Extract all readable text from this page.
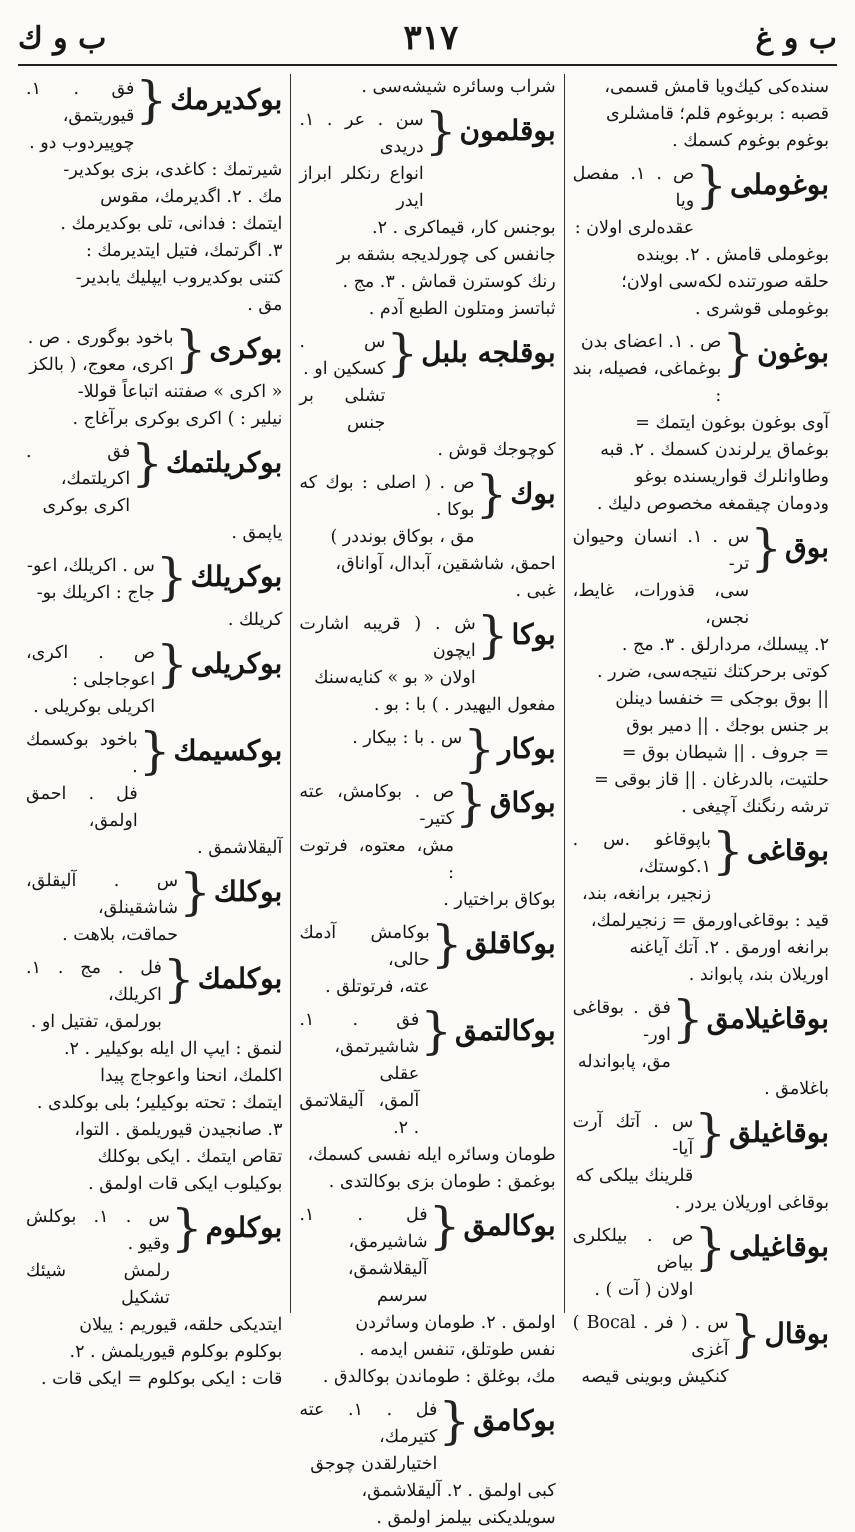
ب و غ
٣١٧
ب و ك
سنده‌كى كيك‌ويا قامش قسمى،
قصبه : بربوغوم قلم؛ قامشلرى
بوغوم بوغوم كسمك .
بوغوملى
{
ص . ١. مفصل ويا
عقده‌لرى اولان :
بوغوملى قامش . ٢. بوينده
حلقه صورتنده لكه‌سى اولان؛
بوغوملى قوشرى .
بوغون
{
ص . ١. اعضاى بدن
بوغماغى، فصيله، بند :
آوى بوغون بوغون ايتمك =
بوغماق يرلرندن كسمك . ٢. قبه
وطاوانلرك قواريسنده بوغو
ودومان چيقمغه مخصوص دليك .
بوق
{
س . ١. انسان وحيوان تر-
سى، قذورات، غايط، نجس،
٢. پيسلك، مردارلق . ٣. مج .
كوتى برحركتك نتيجه‌سى، ضرر .
|| بوق بوجكى = خنفسا دينلن
بر جنس بوجك . || دمير بوق
= جروف . || شيطان بوق =
حلتيت، بالدرغان . || قاز بوقى =
ترشه رنگنك آچيغى .
بوقاغى
{
باپوقاغو .س . ١.كوستك،
زنجير، برانغه، بند،
قيد : بوقاغى‌اورمق = زنجيرلمك،
برانغه اورمق . ٢. آتك آياغنه
اوريلان بند، پابواند .
بوقاغيلامق
{
فق . بوقاغى اور-
مق، پابواندله
باغلامق .
بوقاغيلق
{
س . آتك آرت آيا-
قلرينك بيلكى كه
بوقاغى اوريلان يردر .
بوقاغيلى
{
ص . بيلكلرى بياض
اولان ( آت ) .
بوقال
{
س . ( فر . Bocal ) آغزى
كنكيش وبوينى قيصه
شراب وسائره شيشه‌سى .
بوقلمون
{
سن . عر . ١. دريدى
انواع رنكلر ابراز ايدر
بوجنس كار، قيماكرى . ٢.
جانفس كى چورلديجه بشقه بر
رنك كوسترن قماش . ٣. مج .
ثباتسز ومتلون الطبع آدم .
بوقلجه بلبل
{
س . كسكين او .
تشلى بر جنس
كوچوجك قوش .
بوك
{
ص . ( اصلى : بوك كه بوكا .
مق ، بوكاق بونددر )
احمق، شاشقين، آبدال، آواناق،
غبى .
بوكا
{
ش . ( قريبه اشارت ايچون
اولان « بو » كنايه‌سنك
مفعول اليهيدر . ) با : بو .
بوكار
{
س . با : بيكار .
بوكاق
{
ص . بوكامش، عته كتير-
مش، معتوه، فرتوت :
بوكاق براختيار .
بوكاقلق
{
بوكامش آدمك حالى،
عته، فرتوتلق .
بوكالتمق
{
فق . ١. شاشيرتمق، عقلى
آلمق، آليقلاتمق . ٢.
طومان وسائره ايله نفسى كسمك،
بوغمق : طومان بزى بوكالتدى .
بوكالمق
{
فل . ١. شاشيرمق،
آليقلاشمق، سرسم
اولمق . ٢. طومان وساثردن
نفس طوتلق، تنفس ايدمه .
مك، بوغلق : طوماندن بوكالدق .
بوكامق
{
فل . ١. عته كتيرمك،
اختيارلقدن چوجق
كبى اولمق . ٢. آليقلاشمق،
سويلديكنى بيلمز اولمق .
بوكديرمك
{
فق . ١. قيوريتمق،
چوپيردوب دو .
شيرتمك : كاغدى، بزى بوكدير-
مك . ٢. اگديرمك، مقوس
ايتمك : فدانى، تلى بوكديرمك .
٣. اگرتمك، فتيل ايتديرمك :
كتنى بوكديروب ايپليك يابدير-
مق .
بوكرى
{
باخود بوگورى . ص .
اكرى، معوج، ( بالكز
« اكرى » صفتنه اتباعاً قوللا-
نيلير : ) اكرى بوكرى برآغاج .
بوكريلتمك
{
فق . اكريلتمك،
اكرى بوكرى
ياپمق .
بوكريلك
{
س . اكريلك، اعو-
جاج : اكريلك بو-
كريلك .
بوكريلى
{
ص . اكرى، اعوجاجلى :
اكريلى بوكريلى .
بوكسيمك
{
باخود بوكسمك .
فل . احمق اولمق،
آليقلاشمق .
بوكلك
{
س . آليقلق، شاشقينلق،
حماقت، بلاهت .
بوكلمك
{
فل . مج . ١. اكريلك،
بورلمق، تفتيل او .
لنمق : ايپ ال ايله بوكيلير . ٢.
اكلمك، انحنا واعوجاج پيدا
ايتمك : تحته بوكيلير؛ بلى بوكلدى .
٣. صانجيدن قيوريلمق . التوا،
تقاص ايتمك . ايكى بوكلك
بوكيلوب ايكى قات اولمق .
بوكلوم
{
س . ١. بوكلش وقيو .
رلمش شيئك تشكيل
ايتديكى حلقه، قيوريم : ييلان
بوكلوم بوكلوم قيوريلمش . ٢.
قات : ايكى بوكلوم = ايكى قات .
